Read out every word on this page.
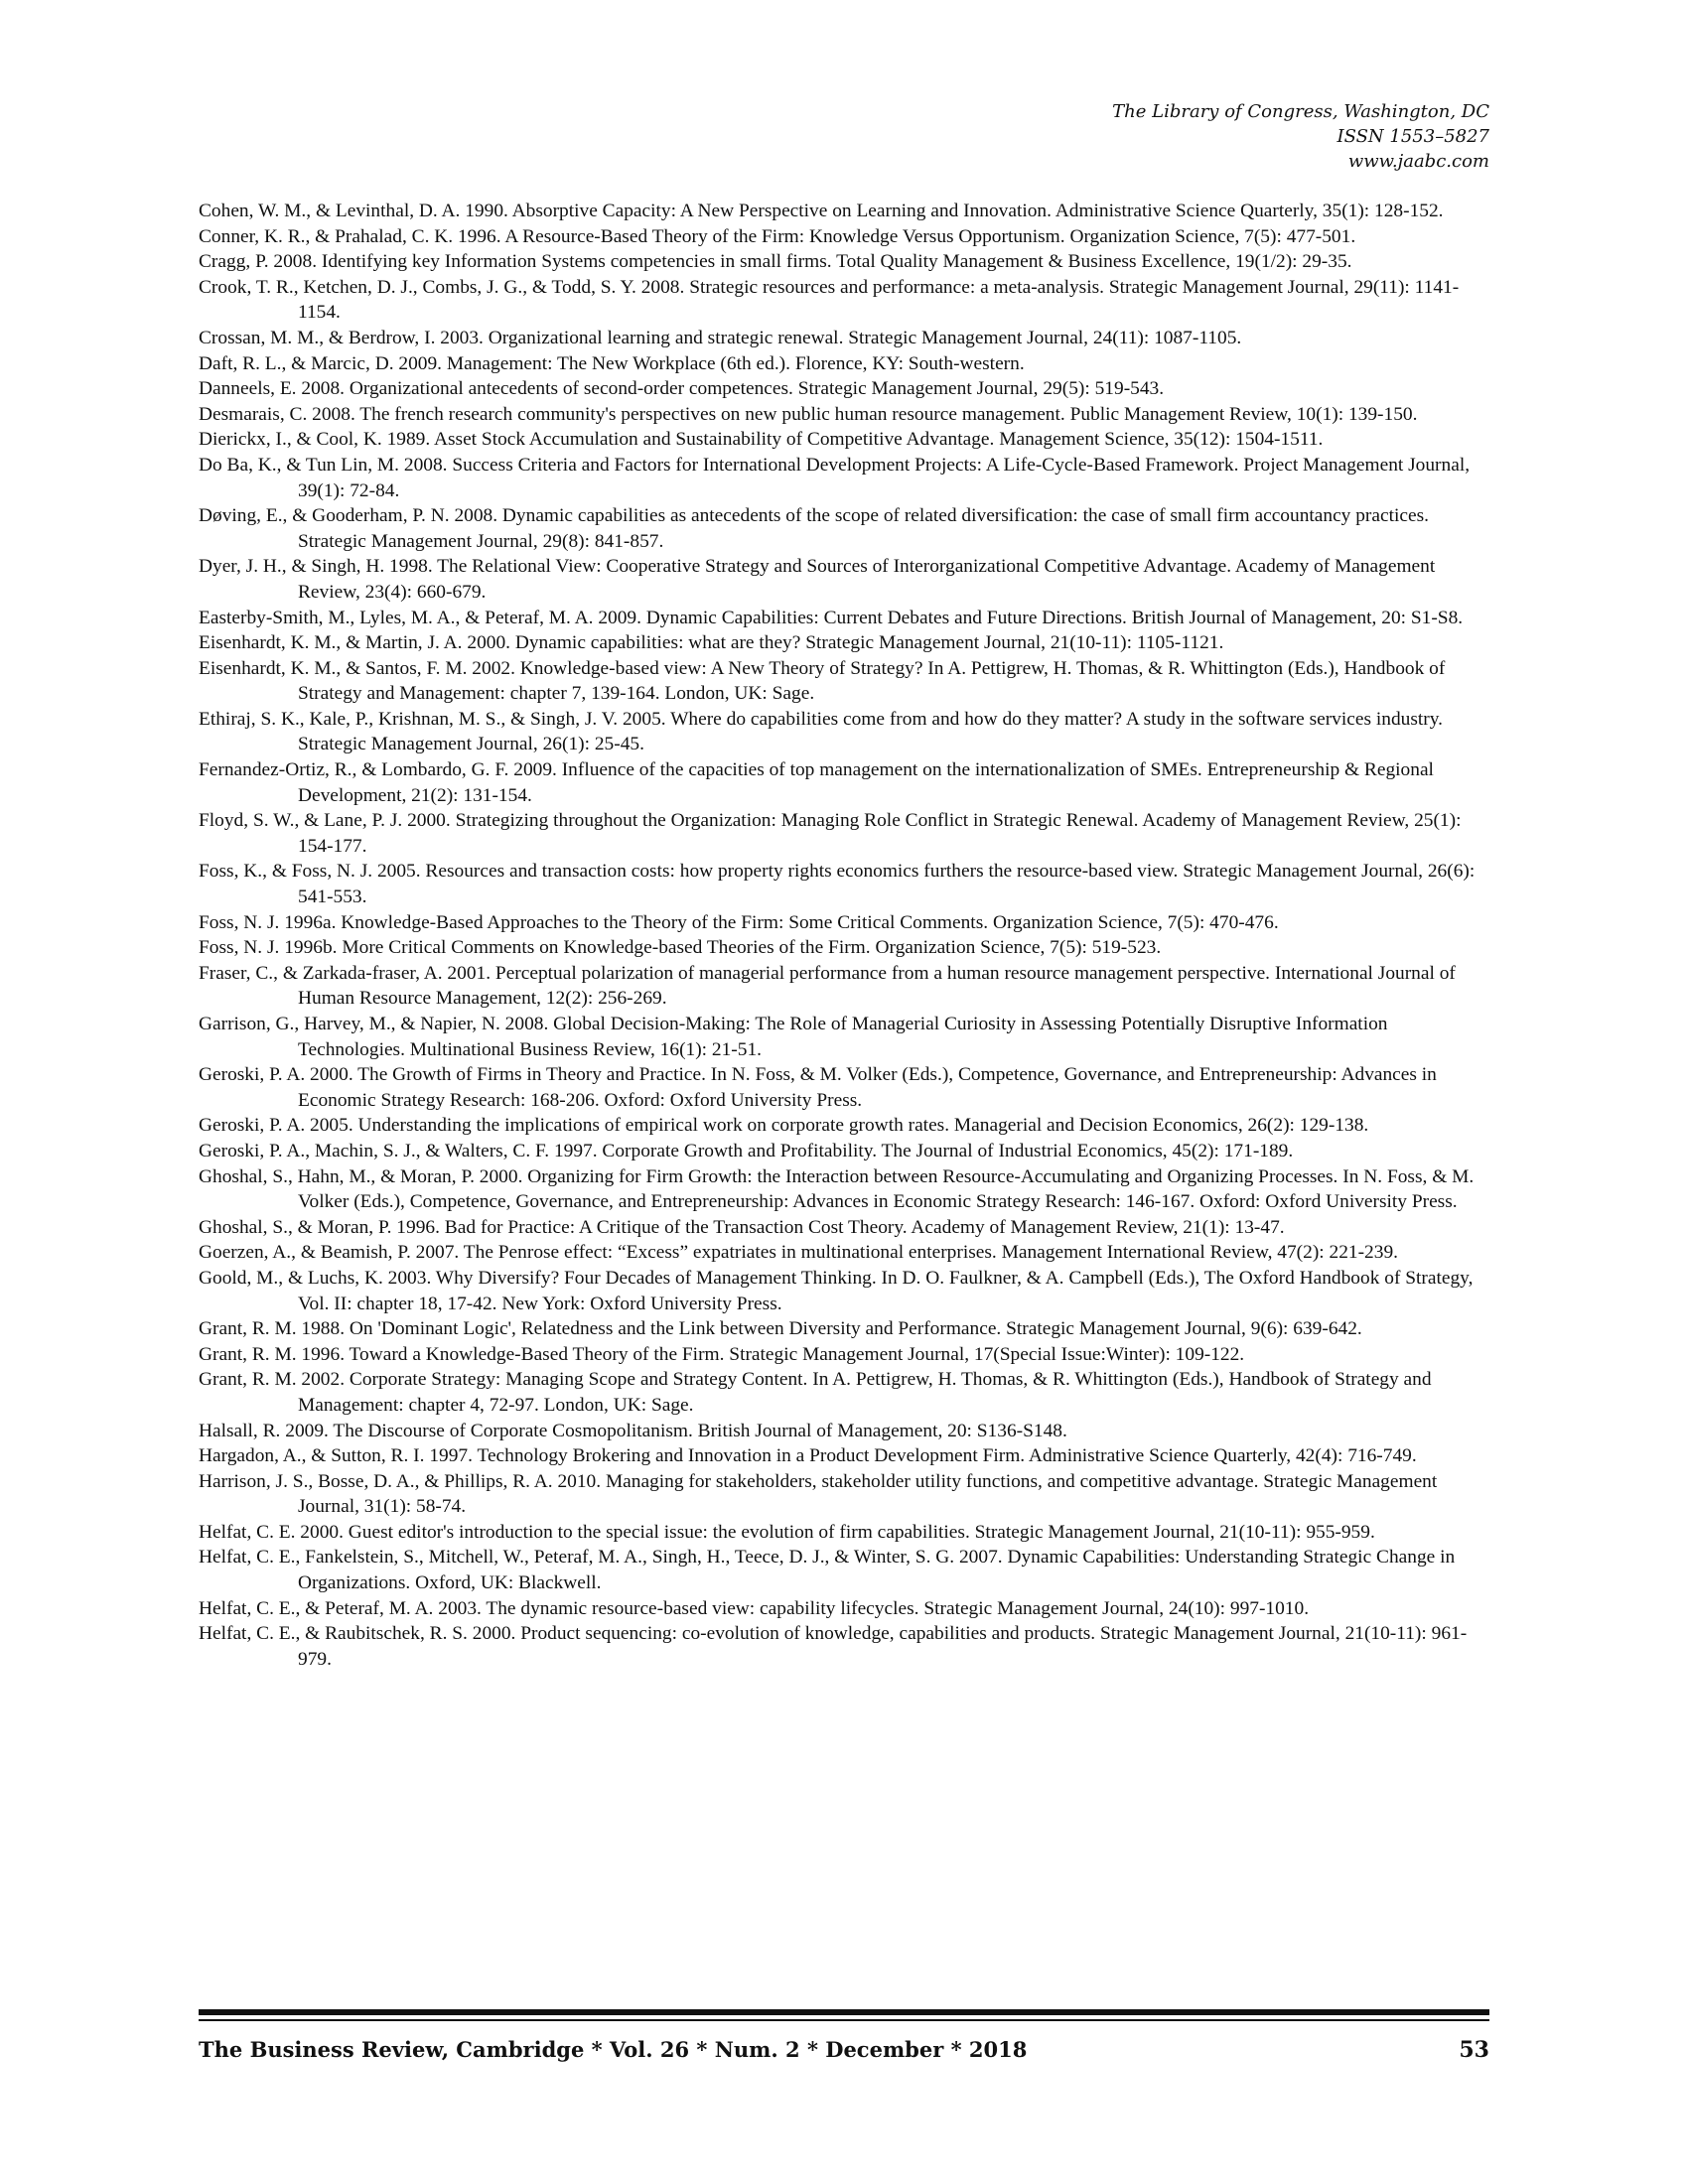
The Library of Congress, Washington, DC
ISSN 1553–5827
www.jaabc.com

Cohen, W. M., & Levinthal, D. A. 1990. Absorptive Capacity: A New Perspective on Learning and Innovation. Administrative Science Quarterly, 35(1): 128-152.

Conner, K. R., & Prahalad, C. K. 1996. A Resource-Based Theory of the Firm: Knowledge Versus Opportunism. Organization Science, 7(5): 477-501.

Cragg, P. 2008. Identifying key Information Systems competencies in small firms. Total Quality Management & Business Excellence, 19(1/2): 29-35.

Crook, T. R., Ketchen, D. J., Combs, J. G., & Todd, S. Y. 2008. Strategic resources and performance: a meta-analysis. Strategic Management Journal, 29(11): 1141-1154.

Crossan, M. M., & Berdrow, I. 2003. Organizational learning and strategic renewal. Strategic Management Journal, 24(11): 1087-1105.

Daft, R. L., & Marcic, D. 2009. Management: The New Workplace (6th ed.). Florence, KY: South-western.

Danneels, E. 2008. Organizational antecedents of second-order competences. Strategic Management Journal, 29(5): 519-543.

Desmarais, C. 2008. The french research community's perspectives on new public human resource management. Public Management Review, 10(1): 139-150.

Dierickx, I., & Cool, K. 1989. Asset Stock Accumulation and Sustainability of Competitive Advantage. Management Science, 35(12): 1504-1511.

Do Ba, K., & Tun Lin, M. 2008. Success Criteria and Factors for International Development Projects: A Life-Cycle-Based Framework. Project Management Journal, 39(1): 72-84.

Døving, E., & Gooderham, P. N. 2008. Dynamic capabilities as antecedents of the scope of related diversification: the case of small firm accountancy practices. Strategic Management Journal, 29(8): 841-857.

Dyer, J. H., & Singh, H. 1998. The Relational View: Cooperative Strategy and Sources of Interorganizational Competitive Advantage. Academy of Management Review, 23(4): 660-679.

Easterby-Smith, M., Lyles, M. A., & Peteraf, M. A. 2009. Dynamic Capabilities: Current Debates and Future Directions. British Journal of Management, 20: S1-S8.

Eisenhardt, K. M., & Martin, J. A. 2000. Dynamic capabilities: what are they? Strategic Management Journal, 21(10-11): 1105-1121.

Eisenhardt, K. M., & Santos, F. M. 2002. Knowledge-based view: A New Theory of Strategy? In A. Pettigrew, H. Thomas, & R. Whittington (Eds.), Handbook of Strategy and Management: chapter 7, 139-164. London, UK: Sage.

Ethiraj, S. K., Kale, P., Krishnan, M. S., & Singh, J. V. 2005. Where do capabilities come from and how do they matter? A study in the software services industry. Strategic Management Journal, 26(1): 25-45.

Fernandez-Ortiz, R., & Lombardo, G. F. 2009. Influence of the capacities of top management on the internationalization of SMEs. Entrepreneurship & Regional Development, 21(2): 131-154.

Floyd, S. W., & Lane, P. J. 2000. Strategizing throughout the Organization: Managing Role Conflict in Strategic Renewal. Academy of Management Review, 25(1): 154-177.

Foss, K., & Foss, N. J. 2005. Resources and transaction costs: how property rights economics furthers the resource-based view. Strategic Management Journal, 26(6): 541-553.

Foss, N. J. 1996a. Knowledge-Based Approaches to the Theory of the Firm: Some Critical Comments. Organization Science, 7(5): 470-476.

Foss, N. J. 1996b. More Critical Comments on Knowledge-based Theories of the Firm. Organization Science, 7(5): 519-523.

Fraser, C., & Zarkada-fraser, A. 2001. Perceptual polarization of managerial performance from a human resource management perspective. International Journal of Human Resource Management, 12(2): 256-269.

Garrison, G., Harvey, M., & Napier, N. 2008. Global Decision-Making: The Role of Managerial Curiosity in Assessing Potentially Disruptive Information Technologies. Multinational Business Review, 16(1): 21-51.

Geroski, P. A. 2000. The Growth of Firms in Theory and Practice. In N. Foss, & M. Volker (Eds.), Competence, Governance, and Entrepreneurship: Advances in Economic Strategy Research: 168-206. Oxford: Oxford University Press.

Geroski, P. A. 2005. Understanding the implications of empirical work on corporate growth rates. Managerial and Decision Economics, 26(2): 129-138.

Geroski, P. A., Machin, S. J., & Walters, C. F. 1997. Corporate Growth and Profitability. The Journal of Industrial Economics, 45(2): 171-189.

Ghoshal, S., Hahn, M., & Moran, P. 2000. Organizing for Firm Growth: the Interaction between Resource-Accumulating and Organizing Processes. In N. Foss, & M. Volker (Eds.), Competence, Governance, and Entrepreneurship: Advances in Economic Strategy Research: 146-167. Oxford: Oxford University Press.

Ghoshal, S., & Moran, P. 1996. Bad for Practice: A Critique of the Transaction Cost Theory. Academy of Management Review, 21(1): 13-47.

Goerzen, A., & Beamish, P. 2007. The Penrose effect: “Excess” expatriates in multinational enterprises. Management International Review, 47(2): 221-239.

Goold, M., & Luchs, K. 2003. Why Diversify? Four Decades of Management Thinking. In D. O. Faulkner, & A. Campbell (Eds.), The Oxford Handbook of Strategy, Vol. II: chapter 18, 17-42. New York: Oxford University Press.

Grant, R. M. 1988. On 'Dominant Logic', Relatedness and the Link between Diversity and Performance. Strategic Management Journal, 9(6): 639-642.

Grant, R. M. 1996. Toward a Knowledge-Based Theory of the Firm. Strategic Management Journal, 17(Special Issue:Winter): 109-122.

Grant, R. M. 2002. Corporate Strategy: Managing Scope and Strategy Content. In A. Pettigrew, H. Thomas, & R. Whittington (Eds.), Handbook of Strategy and Management: chapter 4, 72-97. London, UK: Sage.

Halsall, R. 2009. The Discourse of Corporate Cosmopolitanism. British Journal of Management, 20: S136-S148.

Hargadon, A., & Sutton, R. I. 1997. Technology Brokering and Innovation in a Product Development Firm. Administrative Science Quarterly, 42(4): 716-749.

Harrison, J. S., Bosse, D. A., & Phillips, R. A. 2010. Managing for stakeholders, stakeholder utility functions, and competitive advantage. Strategic Management Journal, 31(1): 58-74.

Helfat, C. E. 2000. Guest editor's introduction to the special issue: the evolution of firm capabilities. Strategic Management Journal, 21(10-11): 955-959.

Helfat, C. E., Fankelstein, S., Mitchell, W., Peteraf, M. A., Singh, H., Teece, D. J., & Winter, S. G. 2007. Dynamic Capabilities: Understanding Strategic Change in Organizations. Oxford, UK: Blackwell.

Helfat, C. E., & Peteraf, M. A. 2003. The dynamic resource-based view: capability lifecycles. Strategic Management Journal, 24(10): 997-1010.

Helfat, C. E., & Raubitschek, R. S. 2000. Product sequencing: co-evolution of knowledge, capabilities and products. Strategic Management Journal, 21(10-11): 961-979.

The Business Review, Cambridge * Vol. 26 * Num. 2 * December * 2018	53
